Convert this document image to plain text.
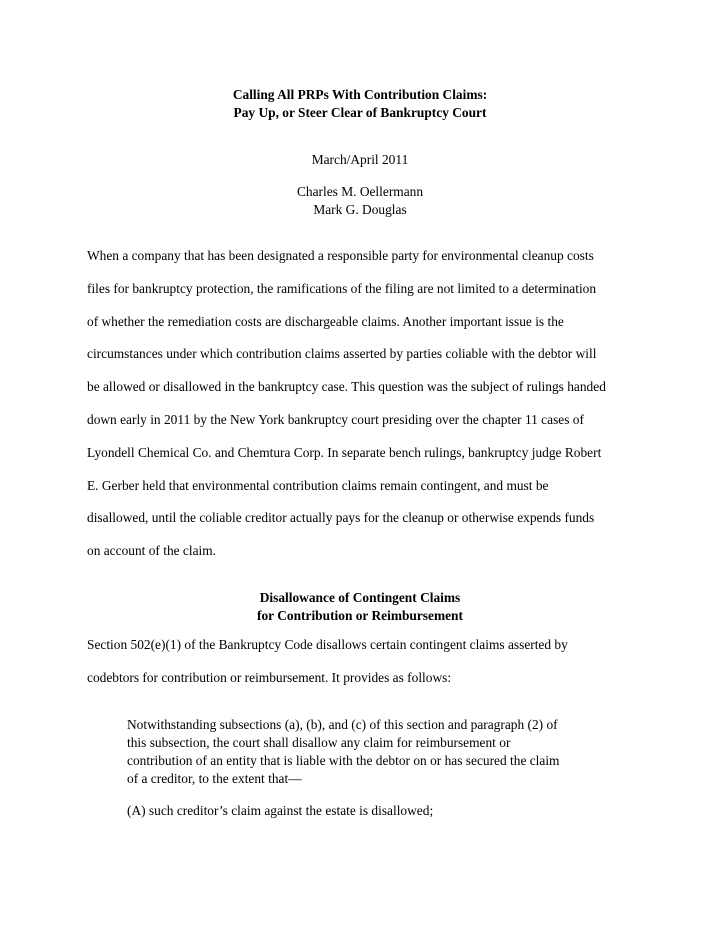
Calling All PRPs With Contribution Claims:
Pay Up, or Steer Clear of Bankruptcy Court
March/April 2011
Charles M. Oellermann
Mark G. Douglas
When a company that has been designated a responsible party for environmental cleanup costs
files for bankruptcy protection, the ramifications of the filing are not limited to a determination
of whether the remediation costs are dischargeable claims. Another important issue is the
circumstances under which contribution claims asserted by parties coliable with the debtor will
be allowed or disallowed in the bankruptcy case. This question was the subject of rulings handed
down early in 2011 by the New York bankruptcy court presiding over the chapter 11 cases of
Lyondell Chemical Co. and Chemtura Corp. In separate bench rulings, bankruptcy judge Robert
E. Gerber held that environmental contribution claims remain contingent, and must be
disallowed, until the coliable creditor actually pays for the cleanup or otherwise expends funds
on account of the claim.
Disallowance of Contingent Claims
for Contribution or Reimbursement
Section 502(e)(1) of the Bankruptcy Code disallows certain contingent claims asserted by
codebtors for contribution or reimbursement. It provides as follows:
Notwithstanding subsections (a), (b), and (c) of this section and paragraph (2) of
this subsection, the court shall disallow any claim for reimbursement or
contribution of an entity that is liable with the debtor on or has secured the claim
of a creditor, to the extent that—
(A) such creditor’s claim against the estate is disallowed;
